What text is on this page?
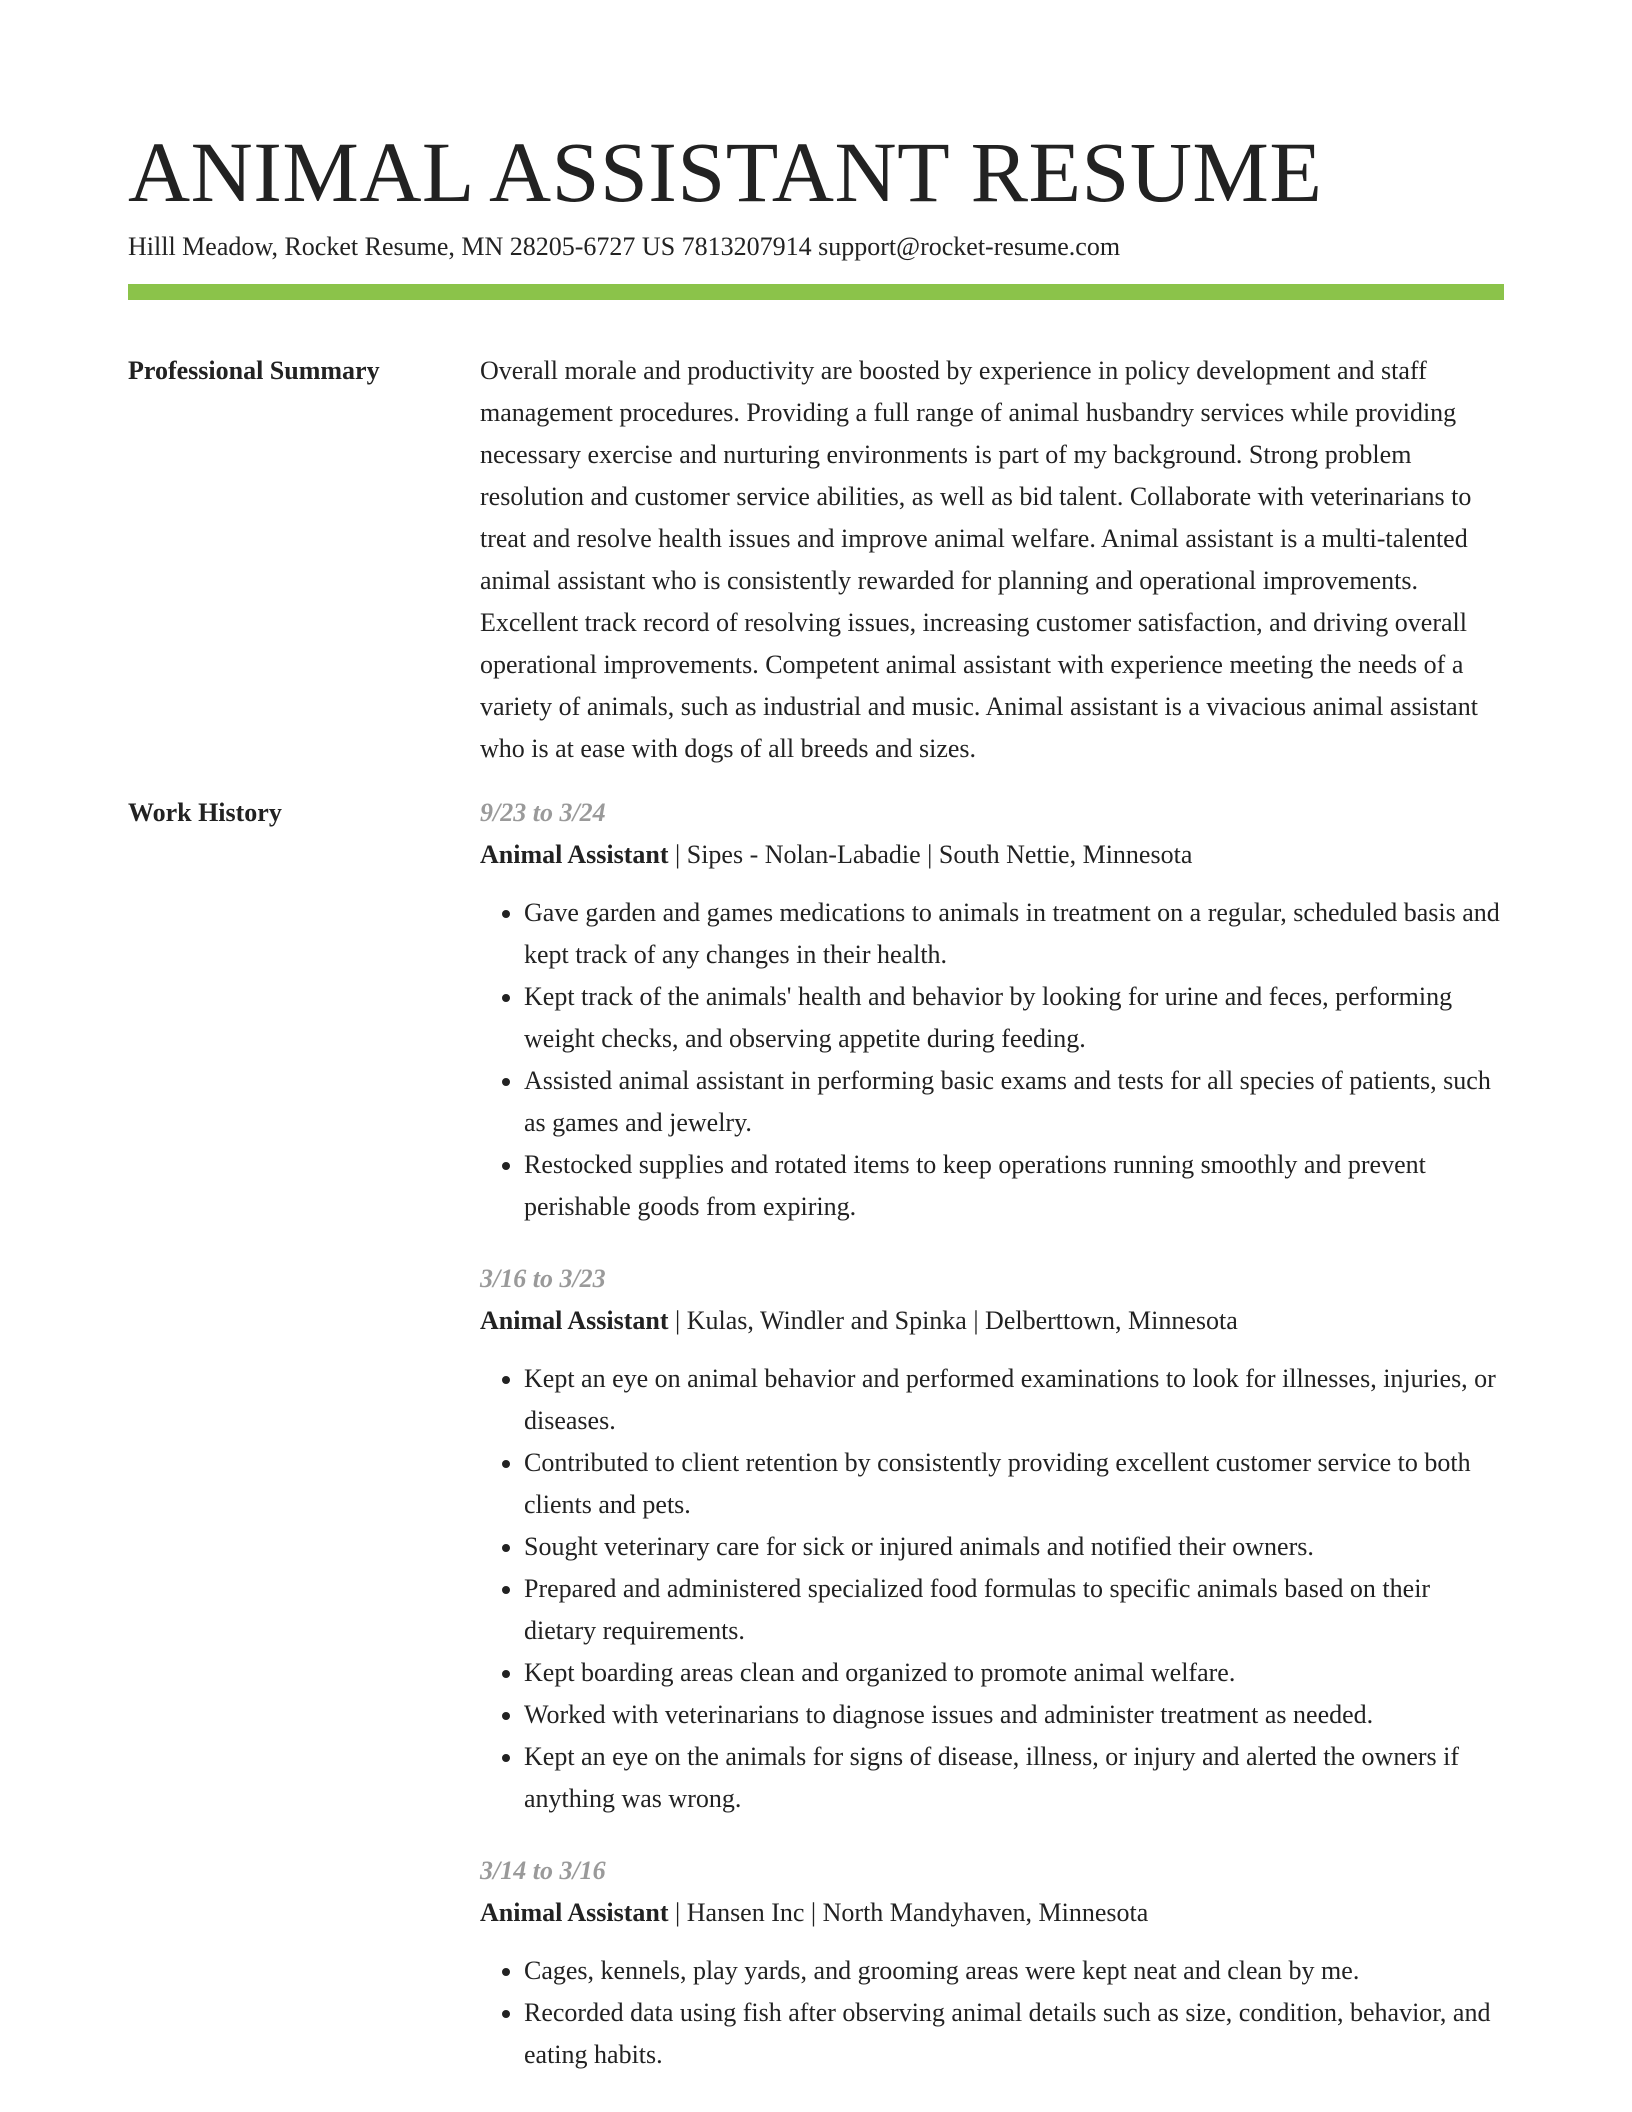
ANIMAL ASSISTANT RESUME
Hilll Meadow, Rocket Resume, MN 28205-6727 US 7813207914 support@rocket-resume.com
Professional Summary	Overall morale and productivity are boosted by experience in policy development and staff management procedures. Providing a full range of animal husbandry services while providing necessary exercise and nurturing environments is part of my background. Strong problem resolution and customer service abilities, as well as bid talent. Collaborate with veterinarians to treat and resolve health issues and improve animal welfare. Animal assistant is a multi-talented animal assistant who is consistently rewarded for planning and operational improvements. Excellent track record of resolving issues, increasing customer satisfaction, and driving overall operational improvements. Competent animal assistant with experience meeting the needs of a variety of animals, such as industrial and music. Animal assistant is a vivacious animal assistant who is at ease with dogs of all breeds and sizes.

Work History	9/23 to 3/24
Animal Assistant | Sipes - Nolan-Labadie | South Nettie, Minnesota
• Gave garden and games medications to animals in treatment on a regular, scheduled basis and kept track of any changes in their health.
• Kept track of the animals' health and behavior by looking for urine and feces, performing weight checks, and observing appetite during feeding.
• Assisted animal assistant in performing basic exams and tests for all species of patients, such as games and jewelry.
• Restocked supplies and rotated items to keep operations running smoothly and prevent perishable goods from expiring.
3/16 to 3/23
Animal Assistant | Kulas, Windler and Spinka | Delberttown, Minnesota
• Kept an eye on animal behavior and performed examinations to look for illnesses, injuries, or diseases.
• Contributed to client retention by consistently providing excellent customer service to both clients and pets.
• Sought veterinary care for sick or injured animals and notified their owners.
• Prepared and administered specialized food formulas to specific animals based on their dietary requirements.
• Kept boarding areas clean and organized to promote animal welfare.
• Worked with veterinarians to diagnose issues and administer treatment as needed.
• Kept an eye on the animals for signs of disease, illness, or injury and alerted the owners if anything was wrong.
3/14 to 3/16
Animal Assistant | Hansen Inc | North Mandyhaven, Minnesota
• Cages, kennels, play yards, and grooming areas were kept neat and clean by me.
• Recorded data using fish after observing animal details such as size, condition, behavior, and eating habits.
